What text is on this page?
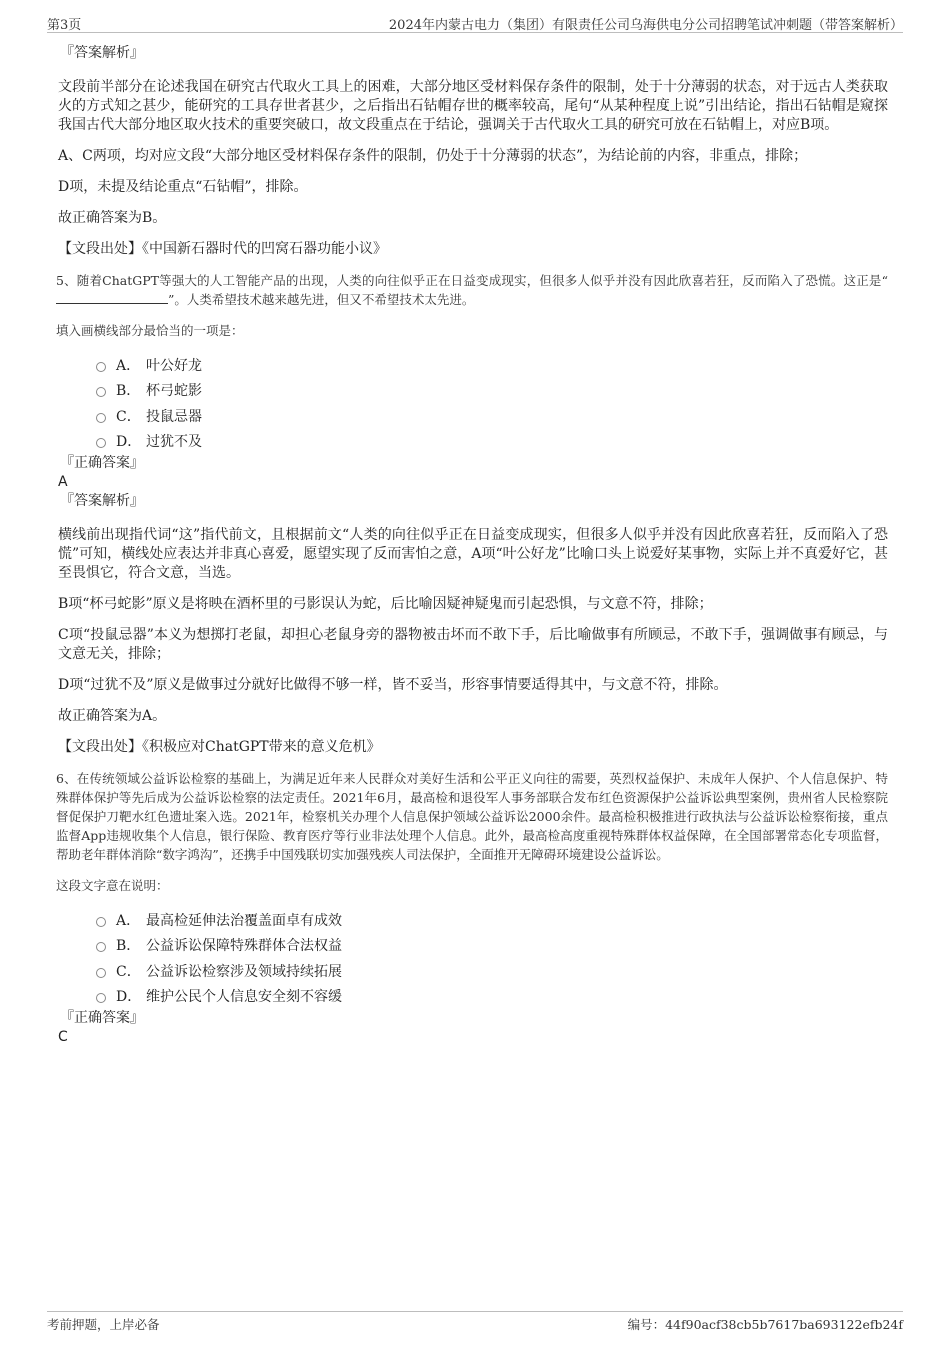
第3页	2024年内蒙古电力（集团）有限责任公司乌海供电分公司招聘笔试冲刺题（带答案解析）
『答案解析』
文段前半部分在论述我国在研究古代取火工具上的困难，大部分地区受材料保存条件的限制，处于十分薄弱的状态，对于远古人类获取火的方式知之甚少，能研究的工具存世者甚少，之后指出石钻帽存世的概率较高，尾句“从某种程度上说”引出结论，指出石钻帽是窥探我国古代大部分地区取火技术的重要突破口，故文段重点在于结论，强调关于古代取火工具的研究可放在石钻帽上，对应B项。
A、C两项，均对应文段“大部分地区受材料保存条件的限制，仍处于十分薄弱的状态”，为结论前的内容，非重点，排除；
D项，未提及结论重点“石钻帽”，排除。
故正确答案为B。
【文段出处】《中国新石器时代的凹窝石器功能小议》
5、随着ChatGPT等强大的人工智能产品的出现，人类的向往似乎正在日益变成现实，但很多人似乎并没有因此欣喜若狂，反而陷入了恐慌。这正是“”。人类希望技术越来越先进，但又不希望技术太先进。
填入画横线部分最恰当的一项是：
A． 叶公好龙
B． 杯弓蛇影
C． 投鼠忌器
D． 过犹不及
『正确答案』
A
『答案解析』
横线前出现指代词“这”指代前文，且根据前文“人类的向往似乎正在日益变成现实，但很多人似乎并没有因此欣喜若狂，反而陷入了恐慌”可知，横线处应表达并非真心喜爱，愿望实现了反而害怕之意，A项“叶公好龙”比喻口头上说爱好某事物，实际上并不真爱好它，甚至畏惧它，符合文意，当选。
B项“杯弓蛇影”原义是将映在酒杯里的弓影误认为蛇，后比喻因疑神疑鬼而引起恐惧，与文意不符，排除；
C项“投鼠忌器”本义为想掷打老鼠，却担心老鼠身旁的器物被击坏而不敢下手，后比喻做事有所顾忌，不敢下手，强调做事有顾忌，与文意无关，排除；
D项“过犹不及”原义是做事过分就好比做得不够一样，皆不妥当，形容事情要适得其中，与文意不符，排除。
故正确答案为A。
【文段出处】《积极应对ChatGPT带来的意义危机》
6、在传统领域公益诉讼检察的基础上，为满足近年来人民群众对美好生活和公平正义向往的需要，英烈权益保护、未成年人保护、个人信息保护、特殊群体保护等先后成为公益诉讼检察的法定责任。2021年6月，最高检和退役军人事务部联合发布红色资源保护公益诉讼典型案例，贵州省人民检察院督促保护刀靶水红色遗址案入选。2021年，检察机关办理个人信息保护领域公益诉讼2000余件。最高检积极推进行政执法与公益诉讼检察衔接，重点监督App违规收集个人信息，银行保险、教育医疗等行业非法处理个人信息。此外，最高检高度重视特殊群体权益保障，在全国部署常态化专项监督，帮助老年群体消除“数字鸿沟”，还携手中国残联切实加强残疾人司法保护，全面推开无障碍环境建设公益诉讼。
这段文字意在说明：
A． 最高检延伸法治覆盖面卓有成效
B． 公益诉讼保障特殊群体合法权益
C． 公益诉讼检察涉及领域持续拓展
D． 维护公民个人信息安全刻不容缓
『正确答案』
C
考前押题，上岸必备	编号：44f90acf38cb5b7617ba693122efb24f
